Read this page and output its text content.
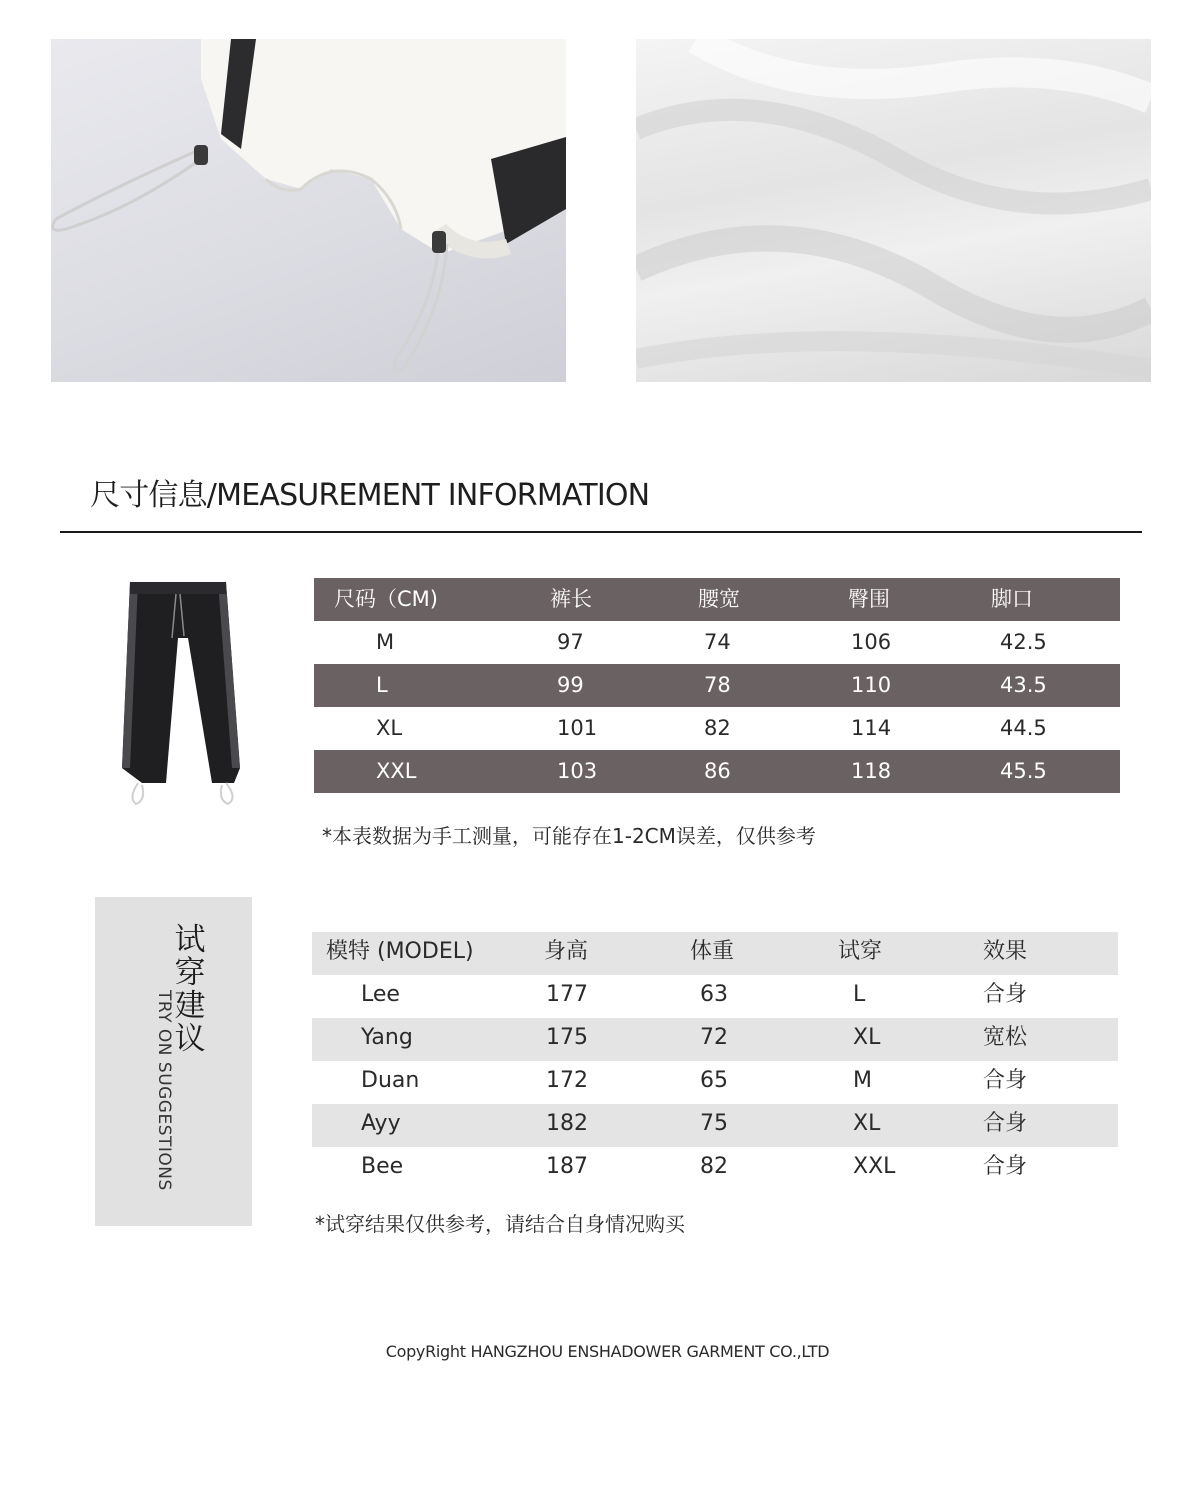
尺寸信息/MEASUREMENT INFORMATION
尺码（CM)	裤长	腰宽	臀围	脚口
M	97	74	106	42.5
L	99	78	110	43.5
XL	101	82	114	44.5
XXL	103	86	118	45.5
*本表数据为手工测量，可能存在1-2CM误差，仅供参考
试穿建议
TRY ON SUGGESTIONS
模特 (MODEL)	身高	体重	试穿	效果
Lee	177	63	L	合身
Yang	175	72	XL	宽松
Duan	172	65	M	合身
Ayy	182	75	XL	合身
Bee	187	82	XXL	合身
*试穿结果仅供参考，请结合自身情况购买
CopyRight HANGZHOU ENSHADOWER GARMENT CO.,LTD
